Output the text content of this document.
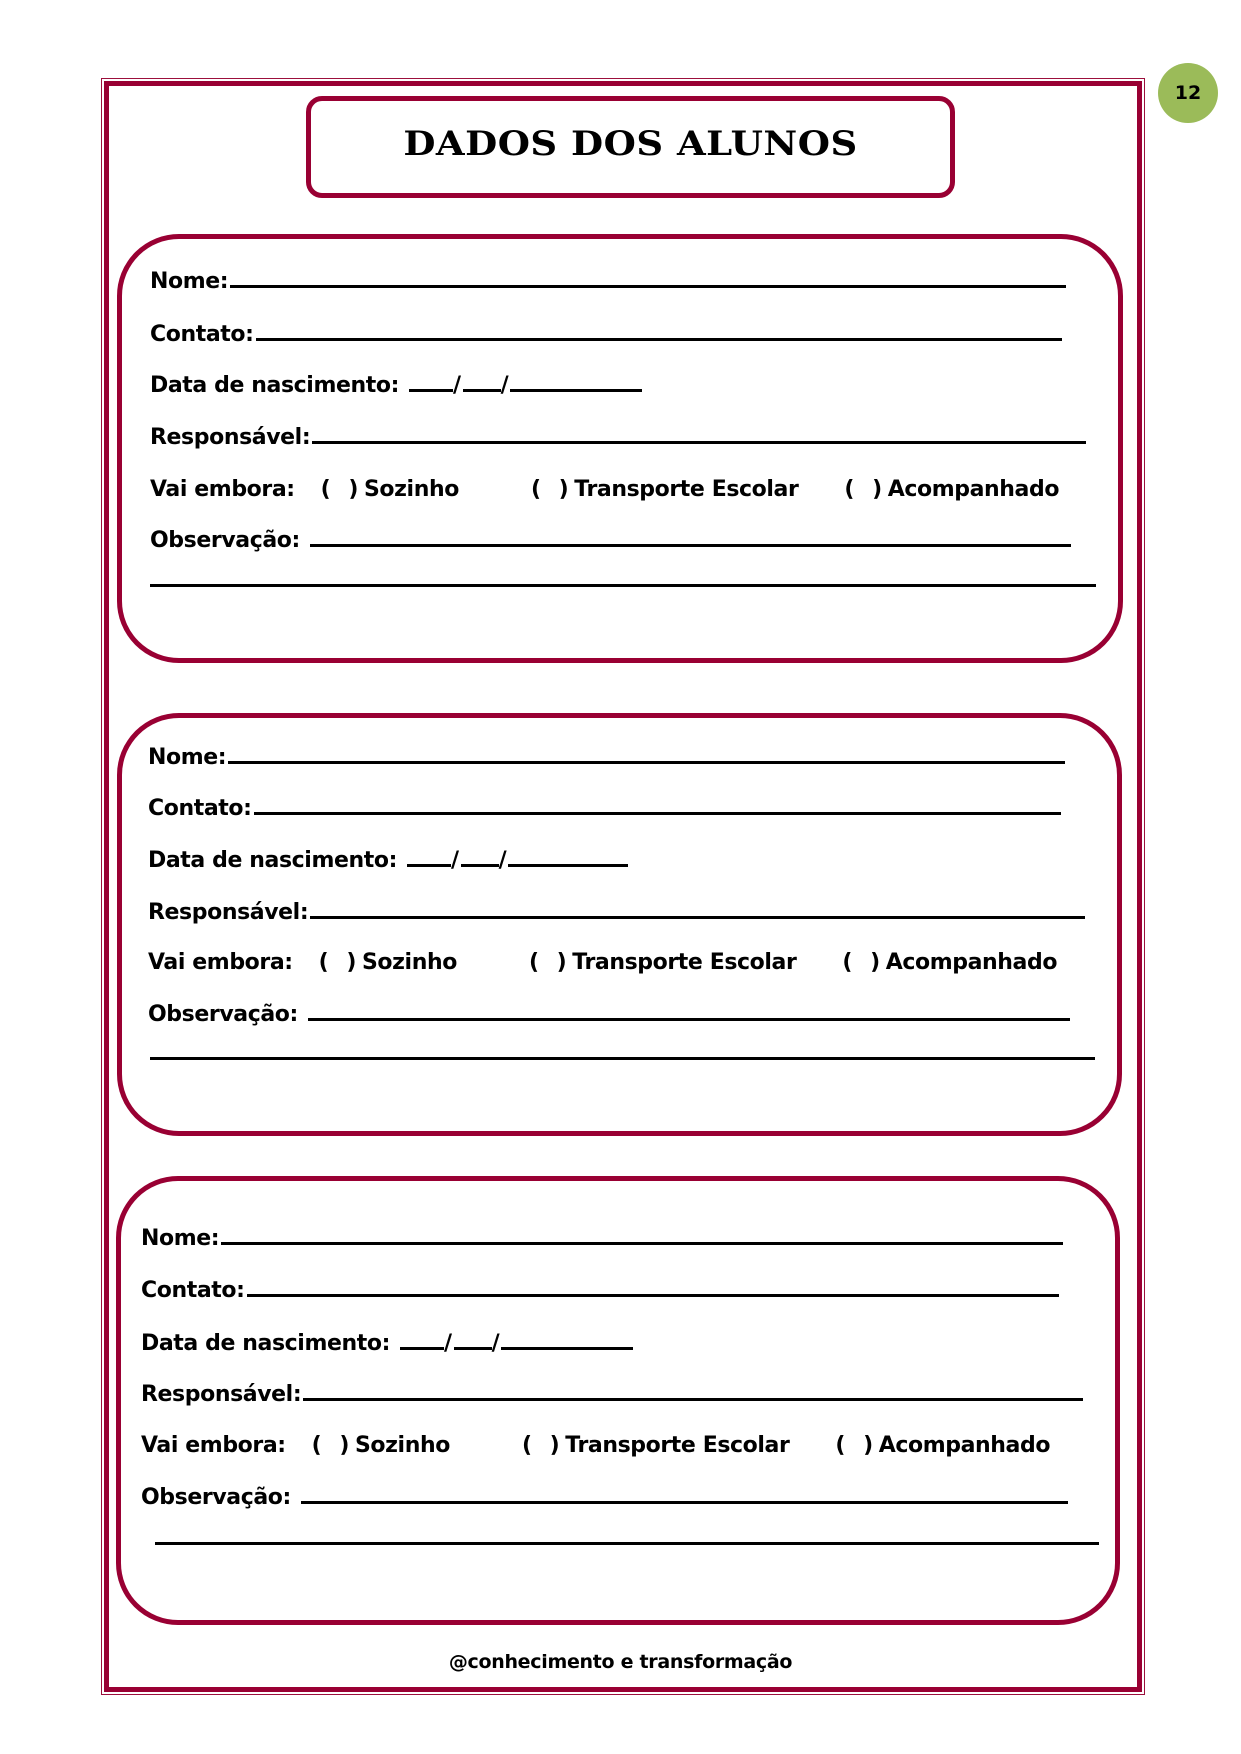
12
DADOS DOS ALUNOS
Nome:
Contato:
Data de nascimento: / /
Responsável:
Vai embora: ( ) Sozinho	( ) Transporte Escolar ( ) Acompanhado
Observação:
Nome:
Contato:
Data de nascimento: / /
Responsável:
Vai embora: ( ) Sozinho	( ) Transporte Escolar ( ) Acompanhado
Observação:
Nome:
Contato:
Data de nascimento: / /
Responsável:
Vai embora: ( ) Sozinho	( ) Transporte Escolar ( ) Acompanhado
Observação:
@conhecimento e transformação
